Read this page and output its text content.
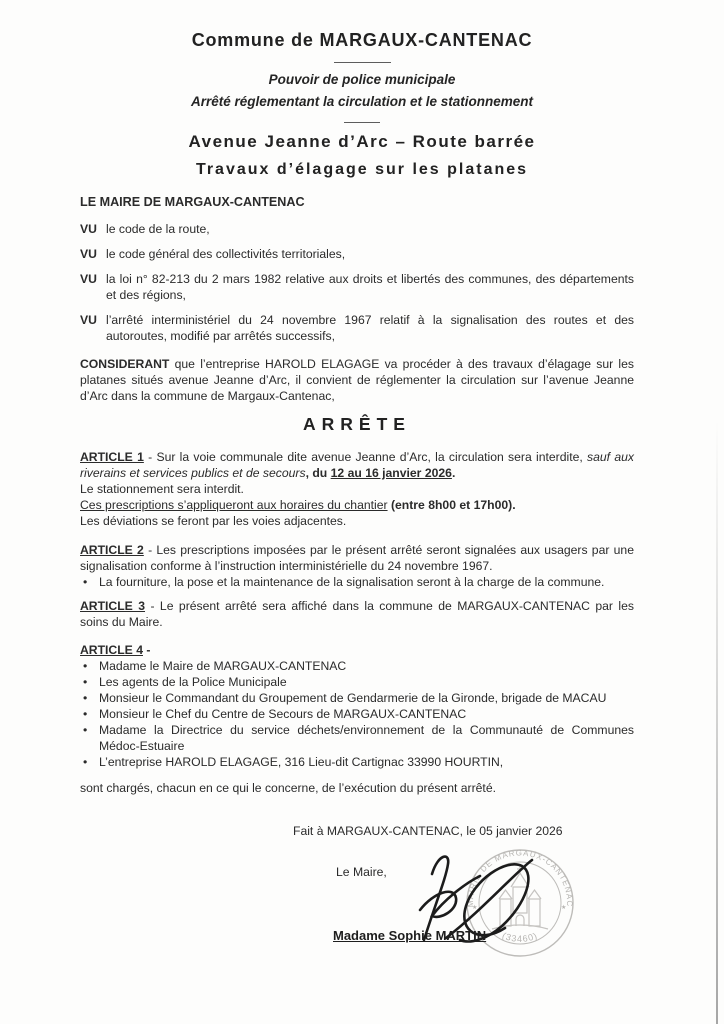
Commune de MARGAUX-CANTENAC
Pouvoir de police municipale
Arrêté réglementant la circulation et le stationnement
Avenue Jeanne d’Arc – Route barrée
Travaux d’élagage sur les platanes
LE MAIRE DE MARGAUX-CANTENAC
VU le code de la route,
VU le code général des collectivités territoriales,
VU la loi n° 82-213 du 2 mars 1982 relative aux droits et libertés des communes, des départements et des régions,
VU l’arrêté interministériel du 24 novembre 1967 relatif à la signalisation des routes et des autoroutes, modifié par arrêtés successifs,

CONSIDERANT que l’entreprise HAROLD ELAGAGE va procéder à des travaux d’élagage sur les platanes situés avenue Jeanne d’Arc, il convient de réglementer la circulation sur l’avenue Jeanne d’Arc dans la commune de Margaux-Cantenac,

ARRÊTE

ARTICLE 1 - Sur la voie communale dite avenue Jeanne d’Arc, la circulation sera interdite, sauf aux riverains et services publics et de secours, du 12 au 16 janvier 2026.

Le stationnement sera interdit.

Ces prescriptions s’appliqueront aux horaires du chantier (entre 8h00 et 17h00).

Les déviations se feront par les voies adjacentes.

ARTICLE 2 - Les prescriptions imposées par le présent arrêté seront signalées aux usagers par une signalisation conforme à l’instruction interministérielle du 24 novembre 1967.

• La fourniture, la pose et la maintenance de la signalisation seront à la charge de la commune.

ARTICLE 3 - Le présent arrêté sera affiché dans la commune de MARGAUX-CANTENAC par les soins du Maire.

ARTICLE 4 -

• Madame le Maire de MARGAUX-CANTENAC
• Les agents de la Police Municipale
• Monsieur le Commandant du Groupement de Gendarmerie de la Gironde, brigade de MACAU
• Monsieur le Chef du Centre de Secours de MARGAUX-CANTENAC
• Madame la Directrice du service déchets/environnement de la Communauté de Communes Médoc-Estuaire
• L’entreprise HAROLD ELAGAGE, 316 Lieu-dit Cartignac 33990 HOURTIN,

sont chargés, chacun en ce qui le concerne, de l’exécution du présent arrêté.

Fait à MARGAUX-CANTENAC, le 05 janvier 2026
Le Maire,
MAIRIE DE MARGAUX-CANTENAC
(33460)
★	★
Madame Sophie MARTIN
